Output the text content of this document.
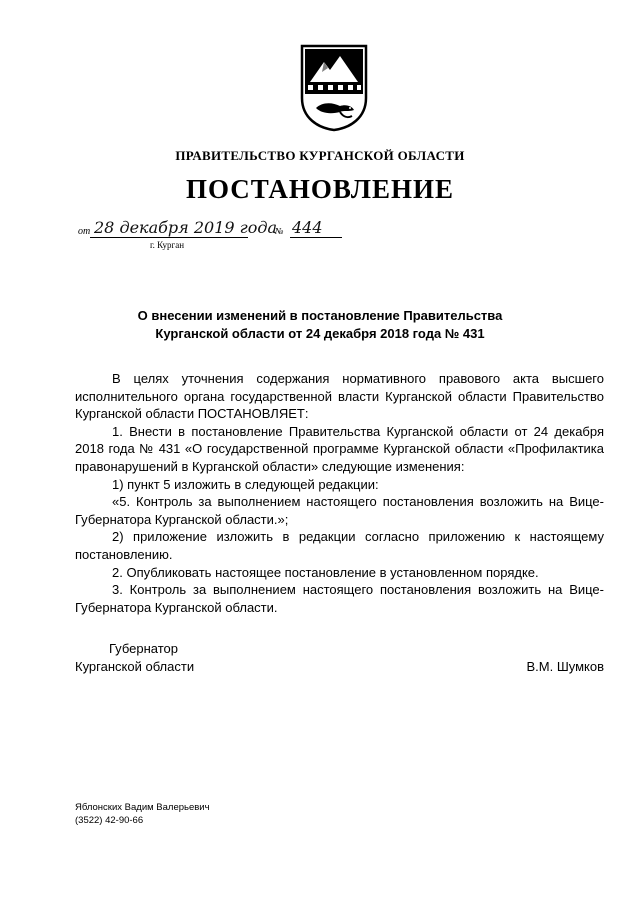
ПРАВИТЕЛЬСТВО КУРГАНСКОЙ ОБЛАСТИ
ПОСТАНОВЛЕНИЕ
от 28 декабря 2019 года
№ 444
г. Курган
О внесении изменений в постановление Правительства
Курганской области от 24 декабря 2018 года № 431

В целях уточнения содержания нормативного правового акта высшего исполнительного органа государственной власти Курганской области Правительство Курганской области ПОСТАНОВЛЯЕТ:

1. Внести в постановление Правительства Курганской области от 24 декабря 2018 года № 431 «О государственной программе Курганской области «Профилактика правонарушений в Курганской области» следующие изменения:

1) пункт 5 изложить в следующей редакции:

«5. Контроль за выполнением настоящего постановления возложить на Вице-Губернатора Курганской области.»;

2) приложение изложить в редакции согласно приложению к настоящему постановлению.

2. Опубликовать настоящее постановление в установленном порядке.

3. Контроль за выполнением настоящего постановления возложить на Вице-Губернатора Курганской области.

Губернатор
Курганской области	В.М. Шумков
Яблонских Вадим Валерьевич
(3522) 42-90-66
